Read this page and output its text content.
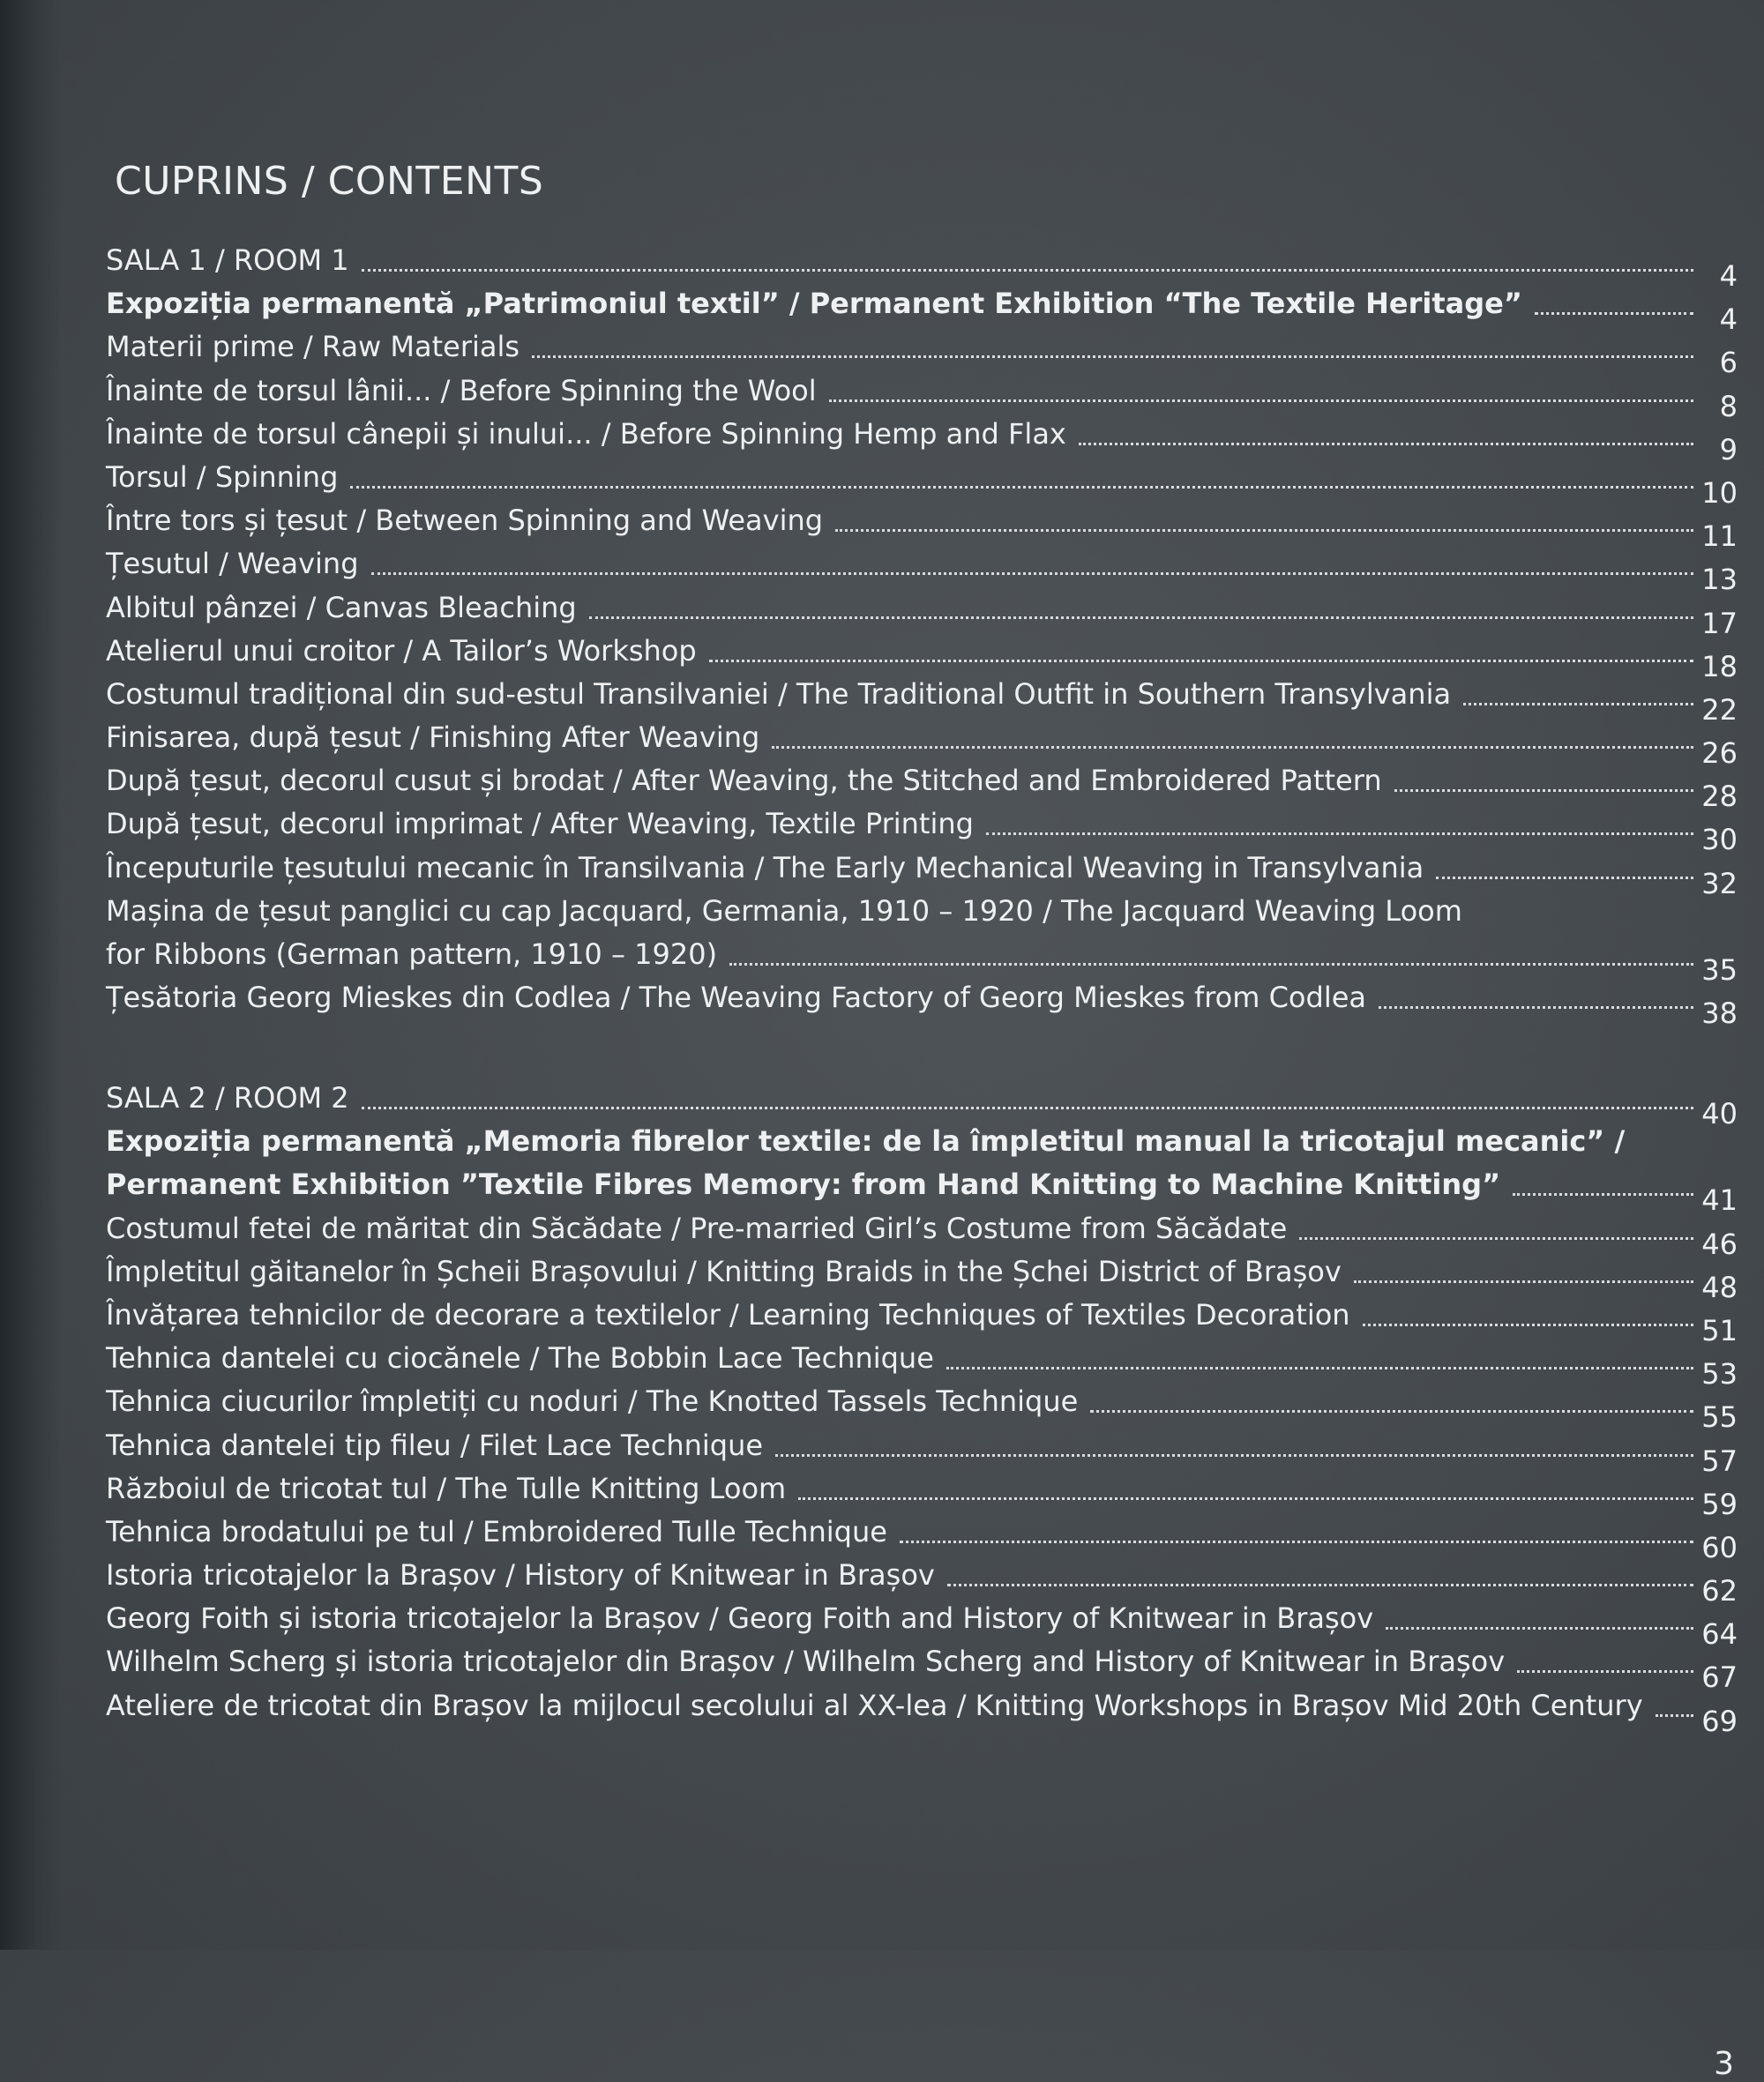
CUPRINS / CONTENTS
SALA 1 / ROOM 1	4
Expoziția permanentă „Patrimoniul textil” / Permanent Exhibition “The Textile Heritage”	4
Materii prime / Raw Materials	6
Înainte de torsul lânii... / Before Spinning the Wool	8
Înainte de torsul cânepii și inului... / Before Spinning Hemp and Flax	9
Torsul / Spinning	10
Între tors și țesut / Between Spinning and Weaving	11
Țesutul / Weaving	13
Albitul pânzei / Canvas Bleaching	17
Atelierul unui croitor / A Tailor’s Workshop	18
Costumul tradițional din sud-estul Transilvaniei / The Traditional Outfit in Southern Transylvania	22
Finisarea, după țesut / Finishing After Weaving	26
După țesut, decorul cusut și brodat / After Weaving, the Stitched and Embroidered Pattern	28
După țesut, decorul imprimat / After Weaving, Textile Printing	30
Începuturile țesutului mecanic în Transilvania / The Early Mechanical Weaving in Transylvania	32
Mașina de țesut panglici cu cap Jacquard, Germania, 1910 – 1920 / The Jacquard Weaving Loom
for Ribbons (German pattern, 1910 – 1920)	35
Țesătoria Georg Mieskes din Codlea / The Weaving Factory of Georg Mieskes from Codlea	38
SALA 2 / ROOM 2	40
Expoziția permanentă „Memoria fibrelor textile: de la împletitul manual la tricotajul mecanic” /
Permanent Exhibition ”Textile Fibres Memory: from Hand Knitting to Machine Knitting”	41
Costumul fetei de măritat din Săcădate / Pre-married Girl’s Costume from Săcădate	46
Împletitul găitanelor în Șcheii Brașovului / Knitting Braids in the Șchei District of Brașov	48
Învățarea tehnicilor de decorare a textilelor / Learning Techniques of Textiles Decoration	51
Tehnica dantelei cu ciocănele / The Bobbin Lace Technique	53
Tehnica ciucurilor împletiți cu noduri / The Knotted Tassels Technique	55
Tehnica dantelei tip fileu / Filet Lace Technique	57
Războiul de tricotat tul / The Tulle Knitting Loom	59
Tehnica brodatului pe tul / Embroidered Tulle Technique	60
Istoria tricotajelor la Brașov / History of Knitwear in Brașov	62
Georg Foith și istoria tricotajelor la Brașov / Georg Foith and History of Knitwear in Brașov	64
Wilhelm Scherg și istoria tricotajelor din Brașov / Wilhelm Scherg and History of Knitwear in Brașov	67
Ateliere de tricotat din Brașov la mijlocul secolului al XX-lea / Knitting Workshops in Brașov Mid 20th Century	69
3
